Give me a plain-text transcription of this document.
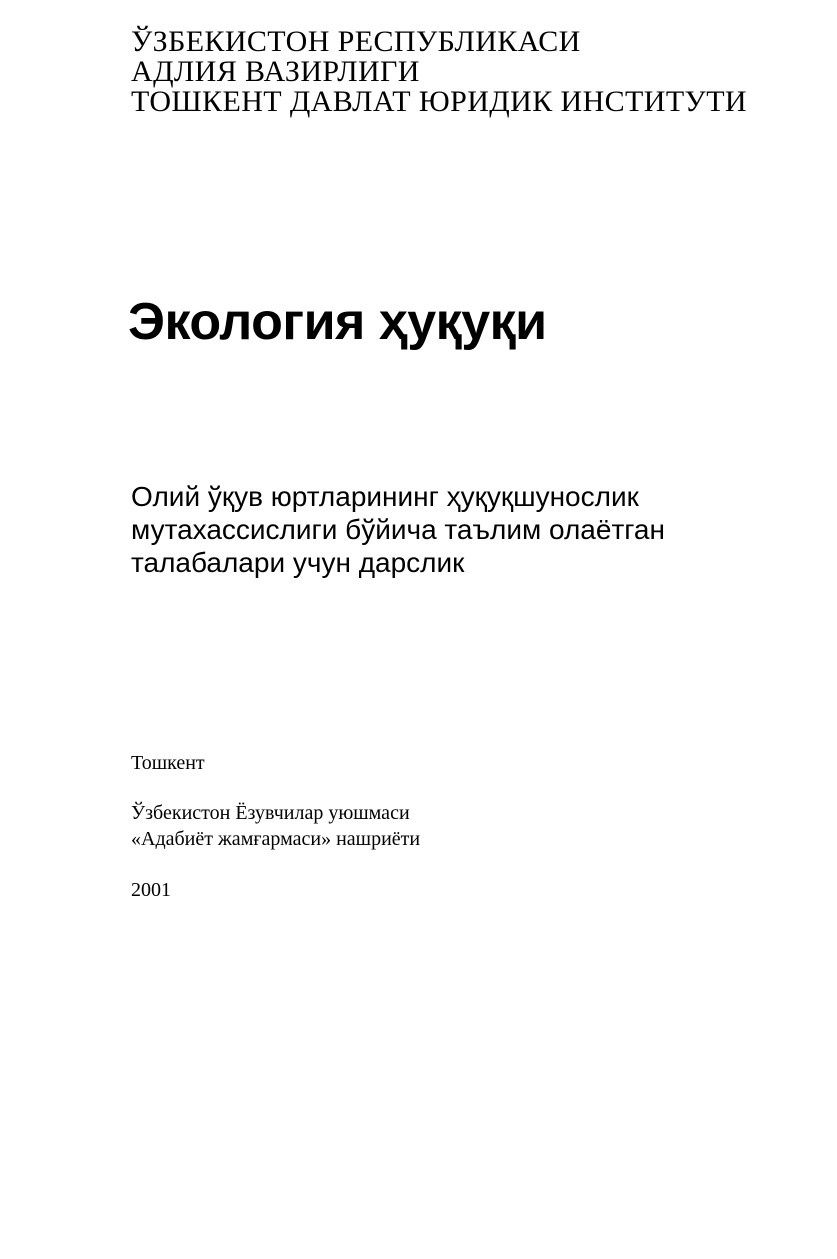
ЎЗБЕКИСТОН РЕСПУБЛИКАСИ
АДЛИЯ ВАЗИРЛИГИ
ТОШКЕНТ ДАВЛАТ ЮРИДИК ИНСТИТУТИ
Экология ҳуқуқи
Олий ўқув юртларининг ҳуқуқшунослик
мутахассислиги бўйича таълим олаётган
талабалари учун дарслик
Тошкент
Ўзбекистон Ёзувчилар уюшмаси
«Адабиёт жамғармаси» нашриёти
2001
